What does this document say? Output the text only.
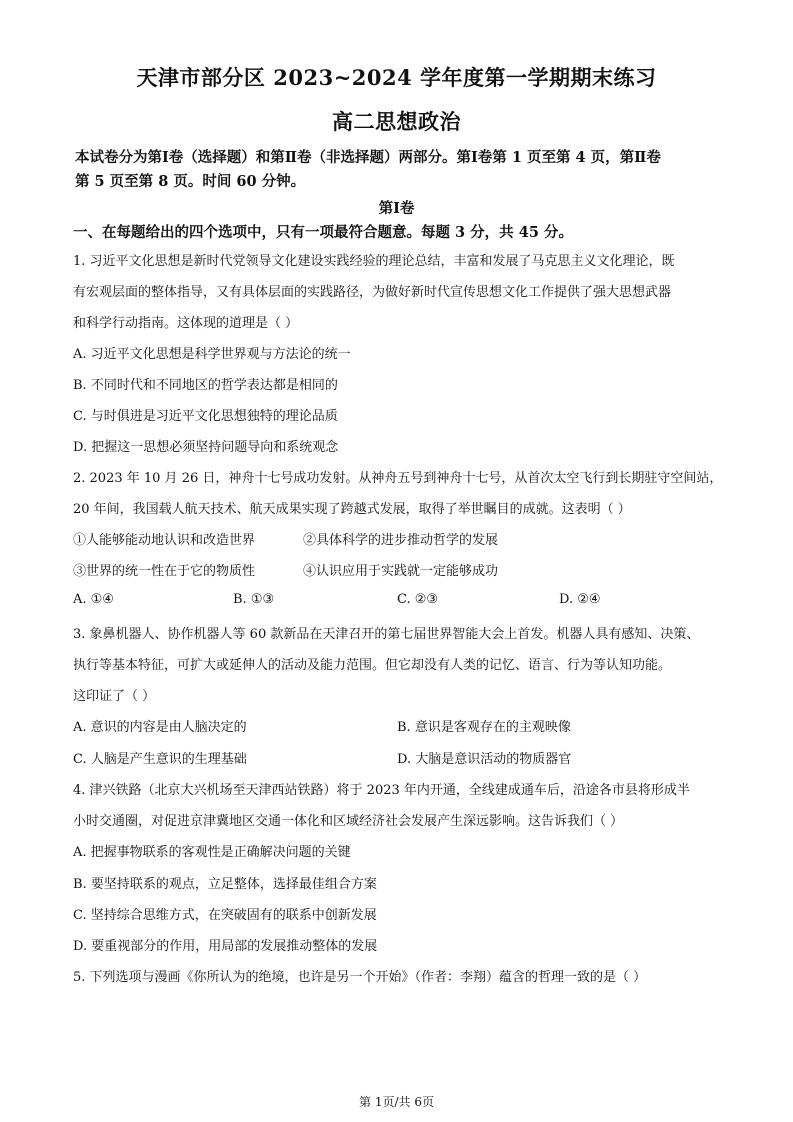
天津市部分区 2023~2024 学年度第一学期期末练习
高二思想政治
本试卷分为第Ⅰ卷（选择题）和第Ⅱ卷（非选择题）两部分。第Ⅰ卷第 1 页至第 4 页，第Ⅱ卷
第 5 页至第 8 页。时间 60 分钟。
第Ⅰ卷
一、在每题给出的四个选项中，只有一项最符合题意。每题 3 分，共 45 分。
1. 习近平文化思想是新时代党领导文化建设实践经验的理论总结，丰富和发展了马克思主义文化理论，既
有宏观层面的整体指导，又有具体层面的实践路径，为做好新时代宣传思想文化工作提供了强大思想武器
和科学行动指南。这体现的道理是（ ）
A. 习近平文化思想是科学世界观与方法论的统一
B. 不同时代和不同地区的哲学表达都是相同的
C. 与时俱进是习近平文化思想独特的理论品质
D. 把握这一思想必须坚持问题导向和系统观念
2. 2023 年 10 月 26 日，神舟十七号成功发射。从神舟五号到神舟十七号，从首次太空飞行到长期驻守空间站，
20 年间，我国载人航天技术、航天成果实现了跨越式发展，取得了举世瞩目的成就。这表明（ ）
①人能够能动地认识和改造世界	②具体科学的进步推动哲学的发展
③世界的统一性在于它的物质性	④认识应用于实践就一定能够成功
A. ①④	B. ①③	C. ②③	D. ②④
3. 象鼻机器人、协作机器人等 60 款新品在天津召开的第七届世界智能大会上首发。机器人具有感知、决策、
执行等基本特征，可扩大或延伸人的活动及能力范围。但它却没有人类的记忆、语言、行为等认知功能。
这印证了（ ）
A. 意识的内容是由人脑决定的	B. 意识是客观存在的主观映像
C. 人脑是产生意识的生理基础	D. 大脑是意识活动的物质器官
4. 津兴铁路（北京大兴机场至天津西站铁路）将于 2023 年内开通，全线建成通车后，沿途各市县将形成半
小时交通圈，对促进京津冀地区交通一体化和区域经济社会发展产生深远影响。这告诉我们（ ）
A. 把握事物联系的客观性是正确解决问题的关键
B. 要坚持联系的观点，立足整体，选择最佳组合方案
C. 坚持综合思维方式，在突破固有的联系中创新发展
D. 要重视部分的作用，用局部的发展推动整体的发展
5. 下列选项与漫画《你所认为的绝境，也许是另一个开始》（作者：李翔）蕴含的哲理一致的是（ ）
第 1页/共 6页
